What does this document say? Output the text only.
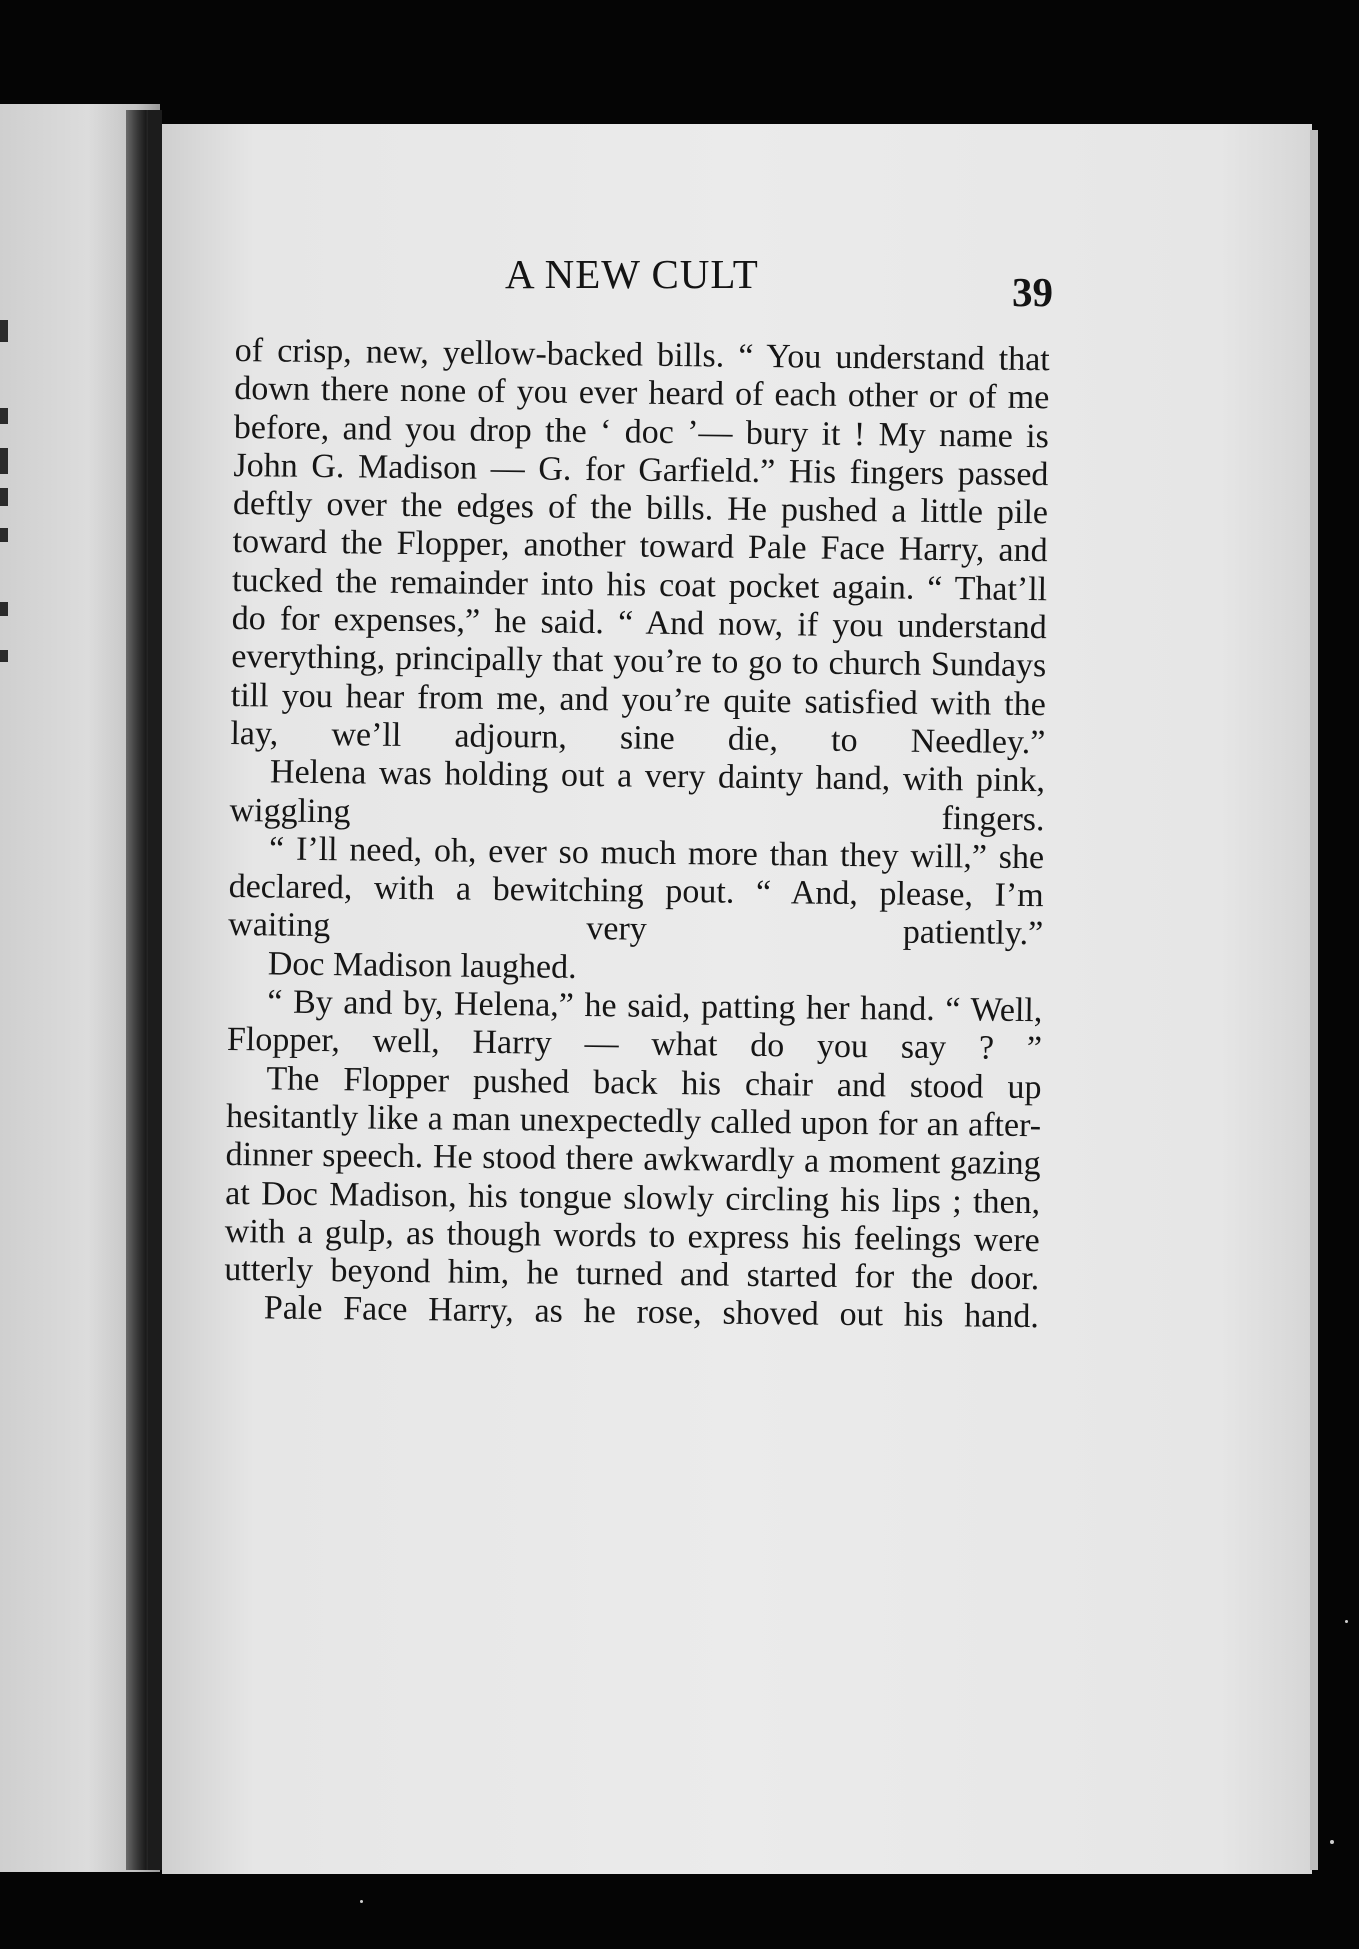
A NEW CULT	39

of crisp, new, yellow-backed bills. “ You understand that down there none of you ever heard of each other or of me before, and you drop the ‘ doc ’— bury it ! My name is John G. Madison — G. for Garfield.” His fingers passed deftly over the edges of the bills. He pushed a little pile toward the Flopper, another toward Pale Face Harry, and tucked the remainder into his coat pocket again. “ That’ll do for expenses,” he said. “ And now, if you understand everything, principally that you’re to go to church Sundays till you hear from me, and you’re quite satisfied with the lay, we’ll adjourn, sine die, to Needley.”

Helena was holding out a very dainty hand, with pink, wiggling fingers.

“ I’ll need, oh, ever so much more than they will,” she declared, with a bewitching pout. “ And, please, I’m waiting very patiently.”

Doc Madison laughed.

“ By and by, Helena,” he said, patting her hand. “ Well, Flopper, well, Harry — what do you say ? ”

The Flopper pushed back his chair and stood up hesitantly like a man unexpectedly called upon for an after-dinner speech. He stood there awkwardly a moment gazing at Doc Madison, his tongue slowly circling his lips ; then, with a gulp, as though words to express his feelings were utterly beyond him, he turned and started for the door.

Pale Face Harry, as he rose, shoved out his hand.
